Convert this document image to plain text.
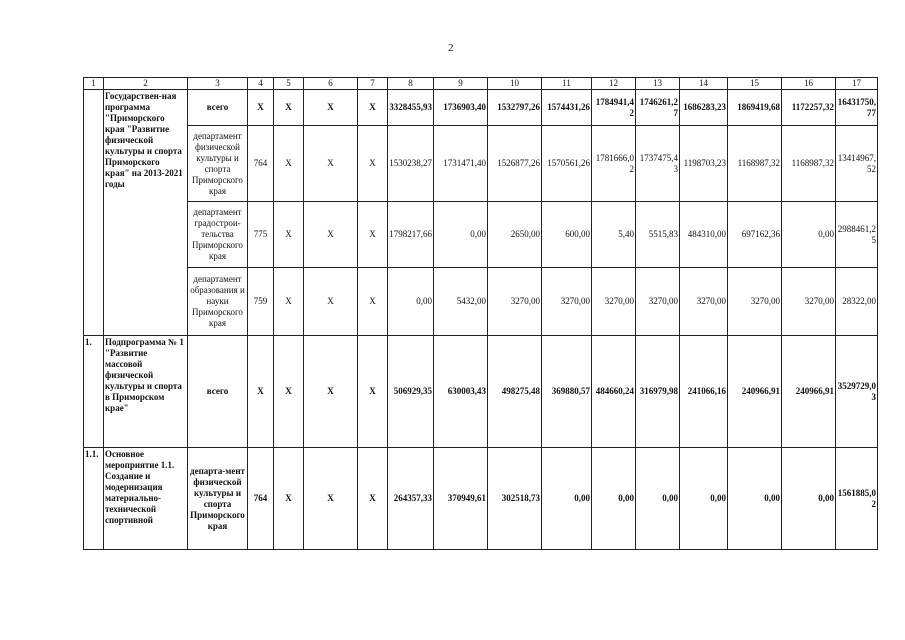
2
1	2	3	4	5	6	7	8	9	10	11	12	13	14	15	16	17
	Государствен-ная программа "Приморского края "Развитие физической культуры и спорта Приморского края" на 2013-2021 годы	всего	X	X	X	X	3328455,93	1736903,40	1532797,26	1574431,26	1784941,42	1746261,27	1686283,23	1869419,68	1172257,32	16431750,77
		департамент физической культуры и спорта Приморского края	764	X	X	X	1530238,27	1731471,40	1526877,26	1570561,26	1781666,02	1737475,43	1198703,23	1168987,32	1168987,32	13414967,52
		департамент градострои-тельства Приморского края	775	X	X	X	1798217,66	0,00	2650,00	600,00	5,40	5515,83	484310,00	697162,36	0,00	2988461,25
		департамент образования и науки Приморского края	759	X	X	X	0,00	5432,00	3270,00	3270,00	3270,00	3270,00	3270,00	3270,00	3270,00	28322,00
1.	Подпрограмма № 1 "Развитие массовой физической культуры и спорта в Приморском крае"	всего	X	X	X	X	506929,35	630003,43	498275,48	369880,57	484660,24	316979,98	241066,16	240966,91	240966,91	3529729,03
1.1.	Основное мероприятие 1.1. Создание и модернизация материально-технической спортивной	департа-мент физической культуры и спорта Приморского края	764	X	X	X	264357,33	370949,61	302518,73	0,00	0,00	0,00	0,00	0,00	0,00	1561885,02
